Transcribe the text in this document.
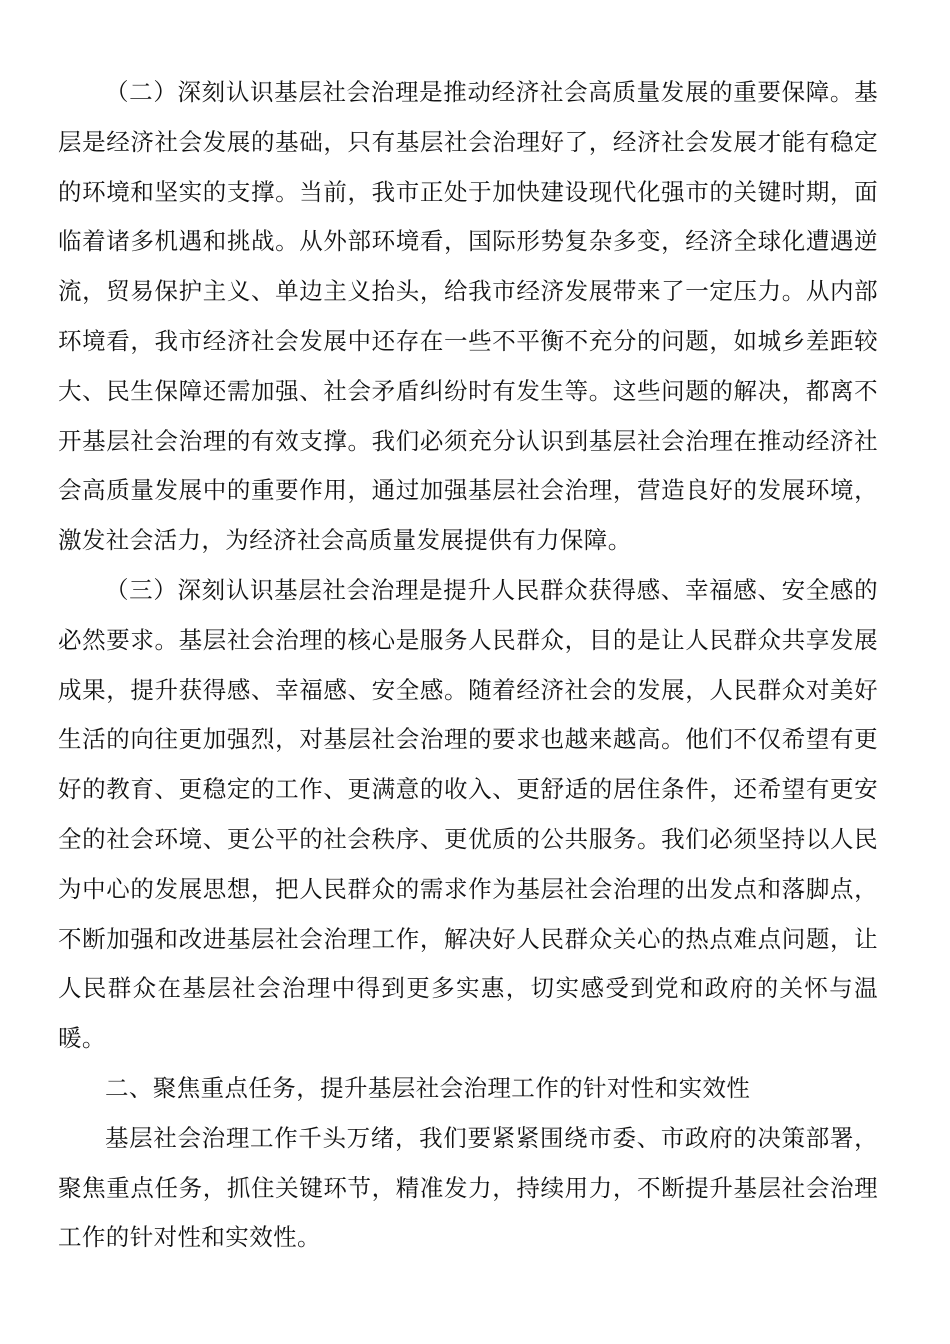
（二）深刻认识基层社会治理是推动经济社会高质量发展的重要保障。基层是经济社会发展的基础，只有基层社会治理好了，经济社会发展才能有稳定的环境和坚实的支撑。当前，我市正处于加快建设现代化强市的关键时期，面临着诸多机遇和挑战。从外部环境看，国际形势复杂多变，经济全球化遭遇逆流，贸易保护主义、单边主义抬头，给我市经济发展带来了一定压力。从内部环境看，我市经济社会发展中还存在一些不平衡不充分的问题，如城乡差距较大、民生保障还需加强、社会矛盾纠纷时有发生等。这些问题的解决，都离不开基层社会治理的有效支撑。我们必须充分认识到基层社会治理在推动经济社会高质量发展中的重要作用，通过加强基层社会治理，营造良好的发展环境，激发社会活力，为经济社会高质量发展提供有力保障。

（三）深刻认识基层社会治理是提升人民群众获得感、幸福感、安全感的必然要求。基层社会治理的核心是服务人民群众，目的是让人民群众共享发展成果，提升获得感、幸福感、安全感。随着经济社会的发展，人民群众对美好生活的向往更加强烈，对基层社会治理的要求也越来越高。他们不仅希望有更好的教育、更稳定的工作、更满意的收入、更舒适的居住条件，还希望有更安全的社会环境、更公平的社会秩序、更优质的公共服务。我们必须坚持以人民为中心的发展思想，把人民群众的需求作为基层社会治理的出发点和落脚点，不断加强和改进基层社会治理工作，解决好人民群众关心的热点难点问题，让人民群众在基层社会治理中得到更多实惠，切实感受到党和政府的关怀与温暖。

二、聚焦重点任务，提升基层社会治理工作的针对性和实效性

基层社会治理工作千头万绪，我们要紧紧围绕市委、市政府的决策部署，聚焦重点任务，抓住关键环节，精准发力，持续用力，不断提升基层社会治理工作的针对性和实效性。
